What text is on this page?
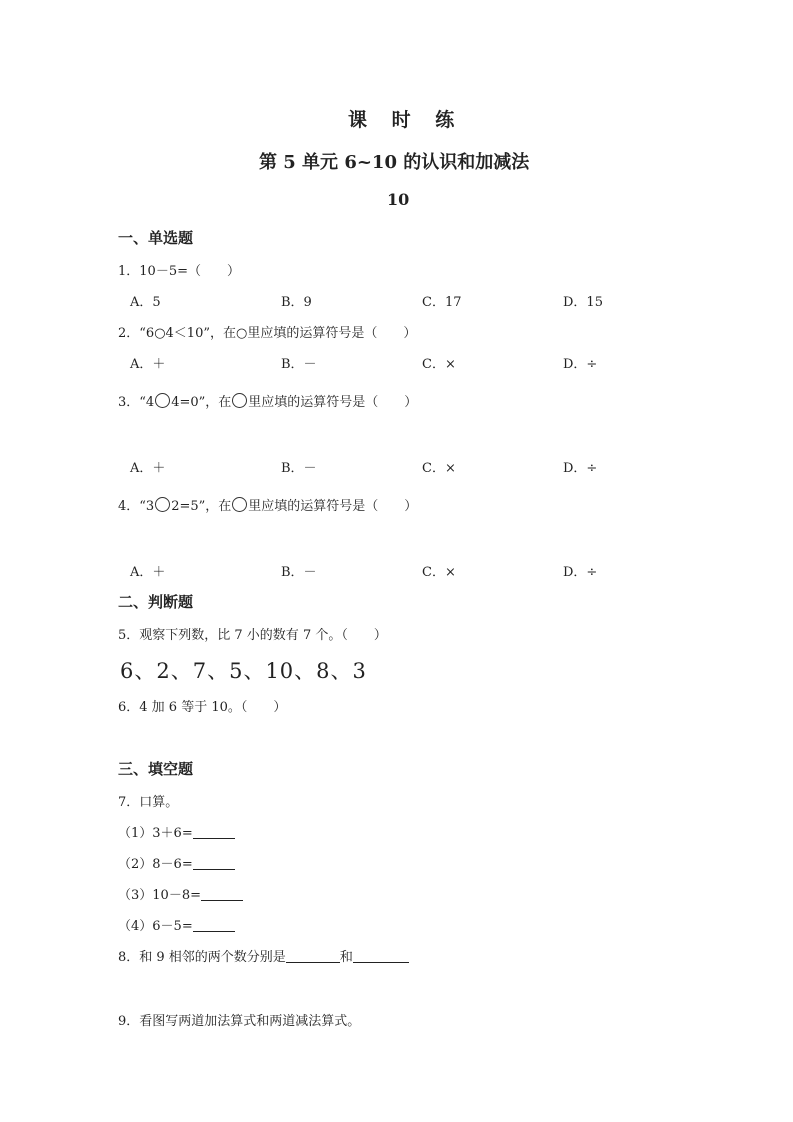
课 时 练
第 5 单元 6~10 的认识和加减法
10
一、单选题
1．10－5=（　　）
A．5	B．9	C．17	D．15
2．“6○4＜10”，在○里应填的运算符号是（　　）
A．＋	B．－	C．×	D．÷
3．“4 4=0”，在 里应填的运算符号是（　　）
A．＋	B．－	C．×	D．÷
4．“3 2=5”，在 里应填的运算符号是（　　）
A．＋	B．－	C．×	D．÷
二、判断题
5．观察下列数，比 7 小的数有 7 个。（　　）
6、2、7、5、10、8、3
6．4 加 6 等于 10。（　　）
三、填空题
7．口算。
（1）3＋6=
（2）8－6=
（3）10－8=
（4）6－5=
8．和 9 相邻的两个数分别是	和
9．看图写两道加法算式和两道减法算式。
